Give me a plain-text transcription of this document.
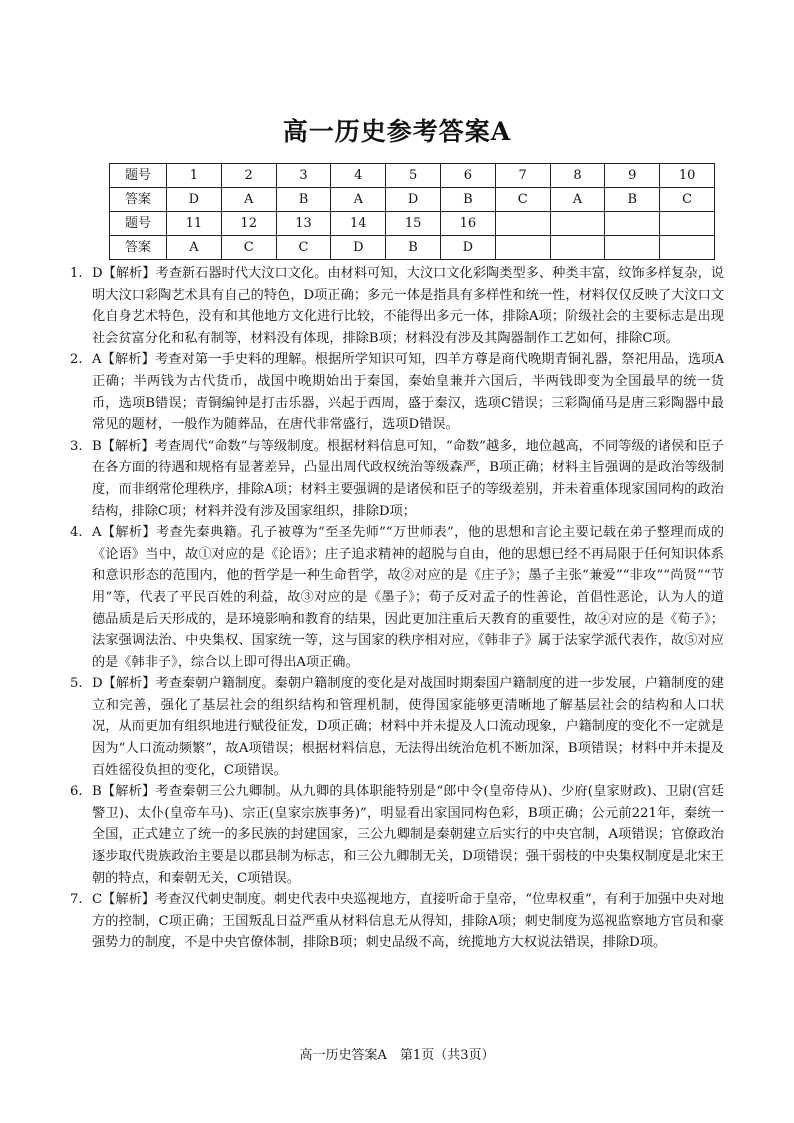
高一历史参考答案A
题号	1	2	3	4	5	6	7	8	9	10
答案	D	A	B	A	D	B	C	A	B	C
题号	11	12	13	14	15	16				
答案	A	C	C	D	B	D				
1. D【解析】考查新石器时代大汶口文化。由材料可知，大汶口文化彩陶类型多、种类丰富，纹饰多样复杂，说明大汶口彩陶艺术具有自己的特色，D项正确；多元一体是指具有多样性和统一性，材料仅仅反映了大汶口文化自身艺术特色，没有和其他地方文化进行比较，不能得出多元一体，排除A项；阶级社会的主要标志是出现社会贫富分化和私有制等，材料没有体现，排除B项；材料没有涉及其陶器制作工艺如何，排除C项。
2. A【解析】考查对第一手史料的理解。根据所学知识可知，四羊方尊是商代晚期青铜礼器，祭祀用品，选项A正确；半两钱为古代货币，战国中晚期始出于秦国，秦始皇兼并六国后，半两钱即变为全国最早的统一货币，选项B错误；青铜编钟是打击乐器，兴起于西周，盛于秦汉，选项C错误；三彩陶俑马是唐三彩陶器中最常见的题材，一般作为随葬品，在唐代非常盛行，选项D错误。
3. B【解析】考查周代“命数”与等级制度。根据材料信息可知，“命数”越多，地位越高，不同等级的诸侯和臣子在各方面的待遇和规格有显著差异，凸显出周代政权统治等级森严，B项正确；材料主旨强调的是政治等级制度，而非纲常伦理秩序，排除A项；材料主要强调的是诸侯和臣子的等级差别，并未着重体现家国同构的政治结构，排除C项；材料并没有涉及国家组织，排除D项；
4. A【解析】考查先秦典籍。孔子被尊为“至圣先师”“万世师表”，他的思想和言论主要记载在弟子整理而成的《论语》当中，故①对应的是《论语》；庄子追求精神的超脱与自由，他的思想已经不再局限于任何知识体系和意识形态的范围内，他的哲学是一种生命哲学，故②对应的是《庄子》；墨子主张“兼爱”“非攻”“尚贤”“节用”等，代表了平民百姓的利益，故③对应的是《墨子》；荀子反对孟子的性善论，首倡性恶论，认为人的道德品质是后天形成的，是环境影响和教育的结果，因此更加注重后天教育的重要性，故④对应的是《荀子》；法家强调法治、中央集权、国家统一等，这与国家的秩序相对应，《韩非子》属于法家学派代表作，故⑤对应的是《韩非子》，综合以上即可得出A项正确。
5. D【解析】考查秦朝户籍制度。秦朝户籍制度的变化是对战国时期秦国户籍制度的进一步发展，户籍制度的建立和完善，强化了基层社会的组织结构和管理机制，使得国家能够更清晰地了解基层社会的结构和人口状况，从而更加有组织地进行赋役征发，D项正确；材料中并未提及人口流动现象，户籍制度的变化不一定就是因为“人口流动频繁”，故A项错误；根据材料信息，无法得出统治危机不断加深，B项错误；材料中并未提及百姓徭役负担的变化，C项错误。
6. B【解析】考查秦朝三公九卿制。从九卿的具体职能特别是“郎中令(皇帝侍从)、少府(皇家财政)、卫尉(宫廷警卫)、太仆(皇帝车马)、宗正(皇家宗族事务)”，明显看出家国同构色彩，B项正确；公元前221年，秦统一全国，正式建立了统一的多民族的封建国家，三公九卿制是秦朝建立后实行的中央官制，A项错误；官僚政治逐步取代贵族政治主要是以郡县制为标志，和三公九卿制无关，D项错误；强干弱枝的中央集权制度是北宋王朝的特点，和秦朝无关，C项错误。
7. C【解析】考查汉代刺史制度。刺史代表中央巡视地方，直接听命于皇帝，“位卑权重”，有利于加强中央对地方的控制，C项正确；王国叛乱日益严重从材料信息无从得知，排除A项；刺史制度为巡视监察地方官员和豪强势力的制度，不是中央官僚体制，排除B项；刺史品级不高，统揽地方大权说法错误，排除D项。
高一历史答案A　第1页（共3页）
